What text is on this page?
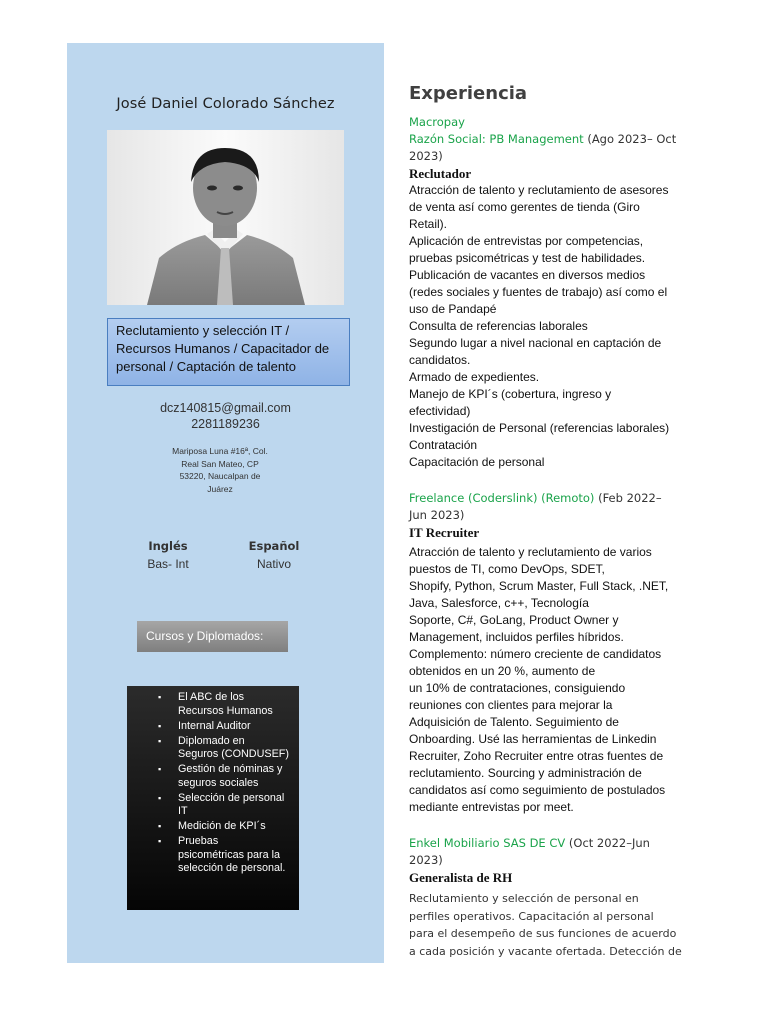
José Daniel Colorado Sánchez
Reclutamiento y selección IT /
Recursos Humanos / Capacitador de
personal / Captación de talento
dcz140815@gmail.com
2281189236
Mariposa Luna #16ª, Col.
Real San Mateo, CP
53220, Naucalpan de
Juárez
Inglés
Bas- Int
Español
Nativo
Cursos y Diplomados:
▪ El ABC de los
Recursos Humanos
▪ Internal Auditor
▪ Diplomado en
Seguros (CONDUSEF)
▪ Gestión de nóminas y
seguros sociales
▪ Selección de personal
IT
▪ Medición de KPI´s
▪ Pruebas
psicométricas para la
selección de personal.
Experiencia
Macropay
Razón Social: PB Management (Ago 2023– Oct
2023)
Reclutador
Atracción de talento y reclutamiento de asesores
de venta así como gerentes de tienda (Giro
Retail).
Aplicación de entrevistas por competencias,
pruebas psicométricas y test de habilidades.
Publicación de vacantes en diversos medios
(redes sociales y fuentes de trabajo) así como el
uso de Pandapé
Consulta de referencias laborales
Segundo lugar a nivel nacional en captación de
candidatos.
Armado de expedientes.
Manejo de KPI´s (cobertura, ingreso y
efectividad)
Investigación de Personal (referencias laborales)
Contratación
Capacitación de personal
Freelance (Coderslink) (Remoto) (Feb 2022–
Jun 2023)
IT Recruiter
Atracción de talento y reclutamiento de varios
puestos de TI, como DevOps, SDET,
Shopify, Python, Scrum Master, Full Stack, .NET,
Java, Salesforce, c++, Tecnología
Soporte, C#, GoLang, Product Owner y
Management, incluidos perfiles híbridos.
Complemento: número creciente de candidatos
obtenidos en un 20 %, aumento de
un 10% de contrataciones, consiguiendo
reuniones con clientes para mejorar la
Adquisición de Talento. Seguimiento de
Onboarding. Usé las herramientas de Linkedin
Recruiter, Zoho Recruiter entre otras fuentes de
reclutamiento. Sourcing y administración de
candidatos así como seguimiento de postulados
mediante entrevistas por meet.
Enkel Mobiliario SAS DE CV (Oct 2022–Jun
2023)
Generalista de RH
Reclutamiento y selección de personal en
perfiles operativos. Capacitación al personal
para el desempeño de sus funciones de acuerdo
a cada posición y vacante ofertada. Detección de
